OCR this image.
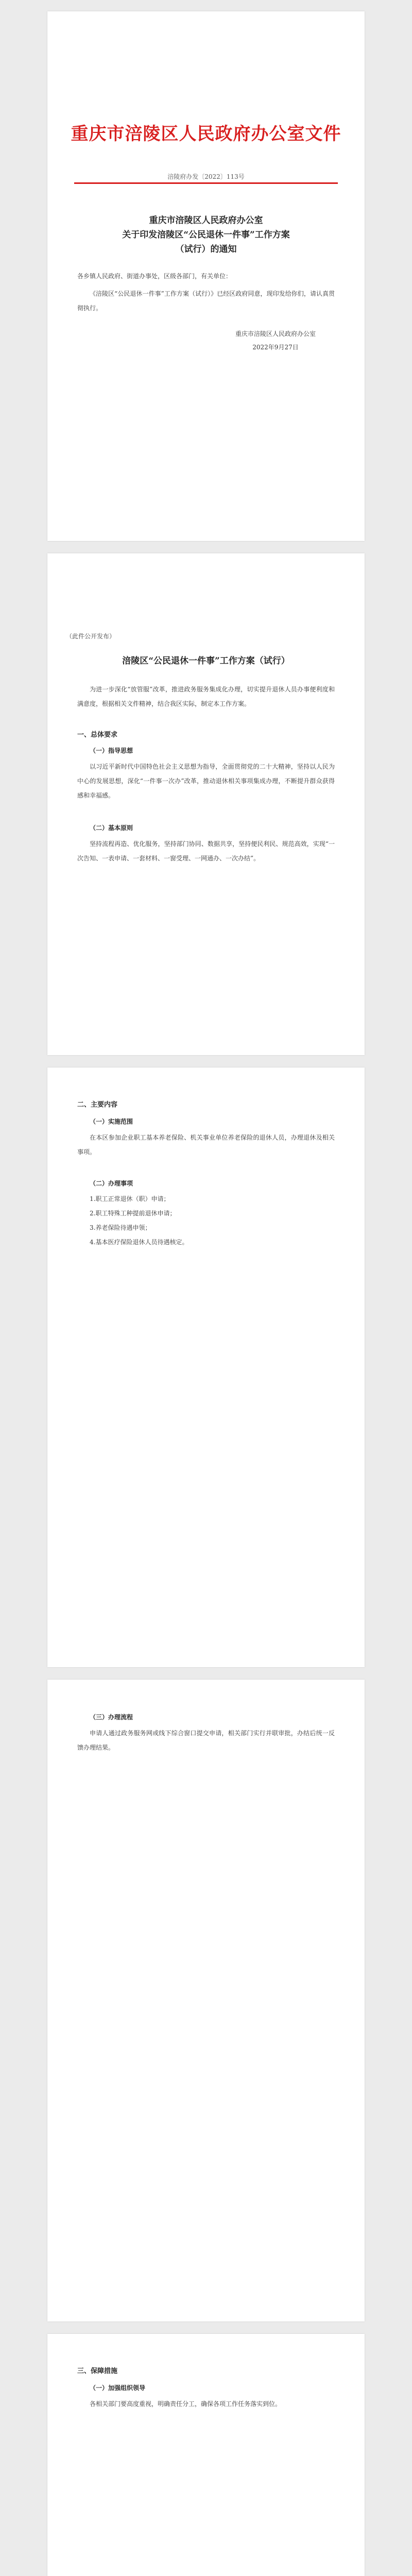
重庆市涪陵区人民政府办公室文件
涪陵府办发〔2022〕113号
重庆市涪陵区人民政府办公室
关于印发涪陵区“公民退休一件事”工作方案
（试行）的通知

各乡镇人民政府、街道办事处，区级各部门，有关单位：

《涪陵区“公民退休一件事”工作方案（试行）》已经区政府同意，现印发给你们，请认真贯彻执行。

重庆市涪陵区人民政府办公室
2022年9月27日
（此件公开发布）
涪陵区“公民退休一件事”工作方案（试行）

为进一步深化“放管服”改革，推进政务服务集成化办理，切实提升退休人员办事便利度和满意度，根据相关文件精神，结合我区实际，制定本工作方案。

一、总体要求
（一）指导思想

以习近平新时代中国特色社会主义思想为指导，全面贯彻党的二十大精神，坚持以人民为中心的发展思想，深化“一件事一次办”改革，推动退休相关事项集成办理，不断提升群众获得感和幸福感。

（二）基本原则

坚持流程再造、优化服务，坚持部门协同、数据共享，坚持便民利民、规范高效，实现“一次告知、一表申请、一套材料、一窗受理、一网通办、一次办结”。

二、主要内容
（一）实施范围

在本区参加企业职工基本养老保险、机关事业单位养老保险的退休人员，办理退休及相关事项。

（二）办理事项
1.职工正常退休（职）申请；
2.职工特殊工种提前退休申请；
3.养老保险待遇申领；
4.基本医疗保险退休人员待遇核定。
（三）办理流程

申请人通过政务服务网或线下综合窗口提交申请，相关部门实行并联审批，办结后统一反馈办理结果。

三、保障措施
（一）加强组织领导

各相关部门要高度重视，明确责任分工，确保各项工作任务落实到位。
